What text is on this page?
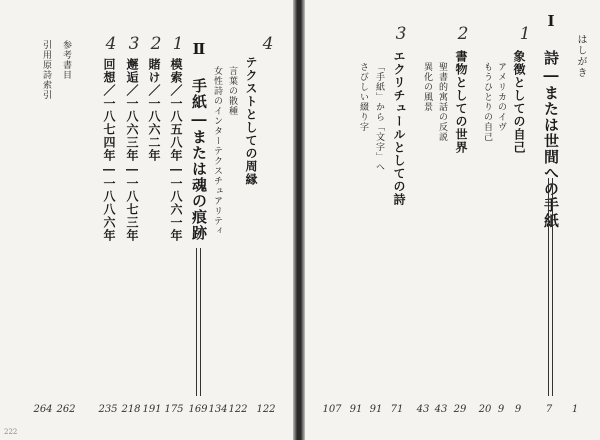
4
テクストとしての周縁
言葉の散種
女性詩のインターテクスチュアリティ
Ⅱ 手紙―または魂の痕跡
1
模索／一八五八年―一八六一年
2
賭け／一八六二年
3
邂逅／一八六三年―一八七三年
4
回想／一八七四年―一八八六年
参考書目
引用原詩索引
122
122
134
169
175
191
218
235
262
264
222
はしがき
Ⅰ 詩―または世間への手紙
1
象徴としての自己
アメリカのイヴ
もうひとりの自己
2
書物としての世界
聖書的寓話の反説
異化の風景
3
エクリチュールとしての詩
「手紙」から「文字」へ
さびしい綴り字
1
7
9
9
20
29
43
43
71
91
91
107
